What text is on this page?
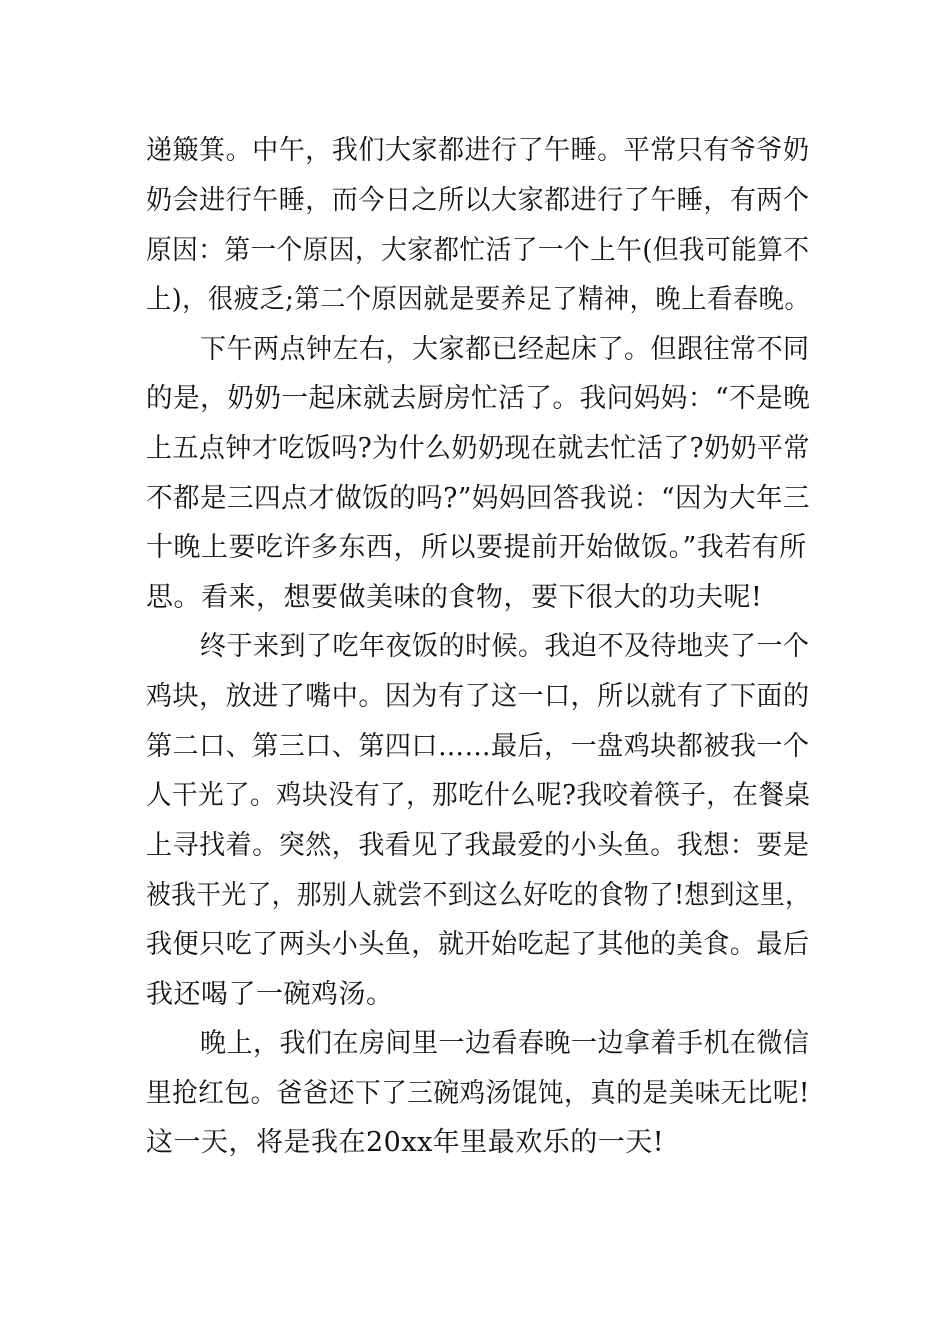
递簸箕。中午，我们大家都进行了午睡。平常只有爷爷奶
奶会进行午睡，而今日之所以大家都进行了午睡，有两个
原因：第一个原因，大家都忙活了一个上午(但我可能算不
上)，很疲乏;第二个原因就是要养足了精神，晚上看春晚。
下午两点钟左右，大家都已经起床了。但跟往常不同
的是，奶奶一起床就去厨房忙活了。我问妈妈：“不是晚
上五点钟才吃饭吗?为什么奶奶现在就去忙活了?奶奶平常
不都是三四点才做饭的吗?”妈妈回答我说：“因为大年三
十晚上要吃许多东西，所以要提前开始做饭。”我若有所
思。看来，想要做美味的食物，要下很大的功夫呢!
终于来到了吃年夜饭的时候。我迫不及待地夹了一个
鸡块，放进了嘴中。因为有了这一口，所以就有了下面的
第二口、第三口、第四口……最后，一盘鸡块都被我一个
人干光了。鸡块没有了，那吃什么呢?我咬着筷子，在餐桌
上寻找着。突然，我看见了我最爱的小头鱼。我想：要是
被我干光了，那别人就尝不到这么好吃的食物了!想到这里，
我便只吃了两头小头鱼，就开始吃起了其他的美食。最后
我还喝了一碗鸡汤。
晚上，我们在房间里一边看春晚一边拿着手机在微信
里抢红包。爸爸还下了三碗鸡汤馄饨，真的是美味无比呢!
这一天，将是我在20xx年里最欢乐的一天!
